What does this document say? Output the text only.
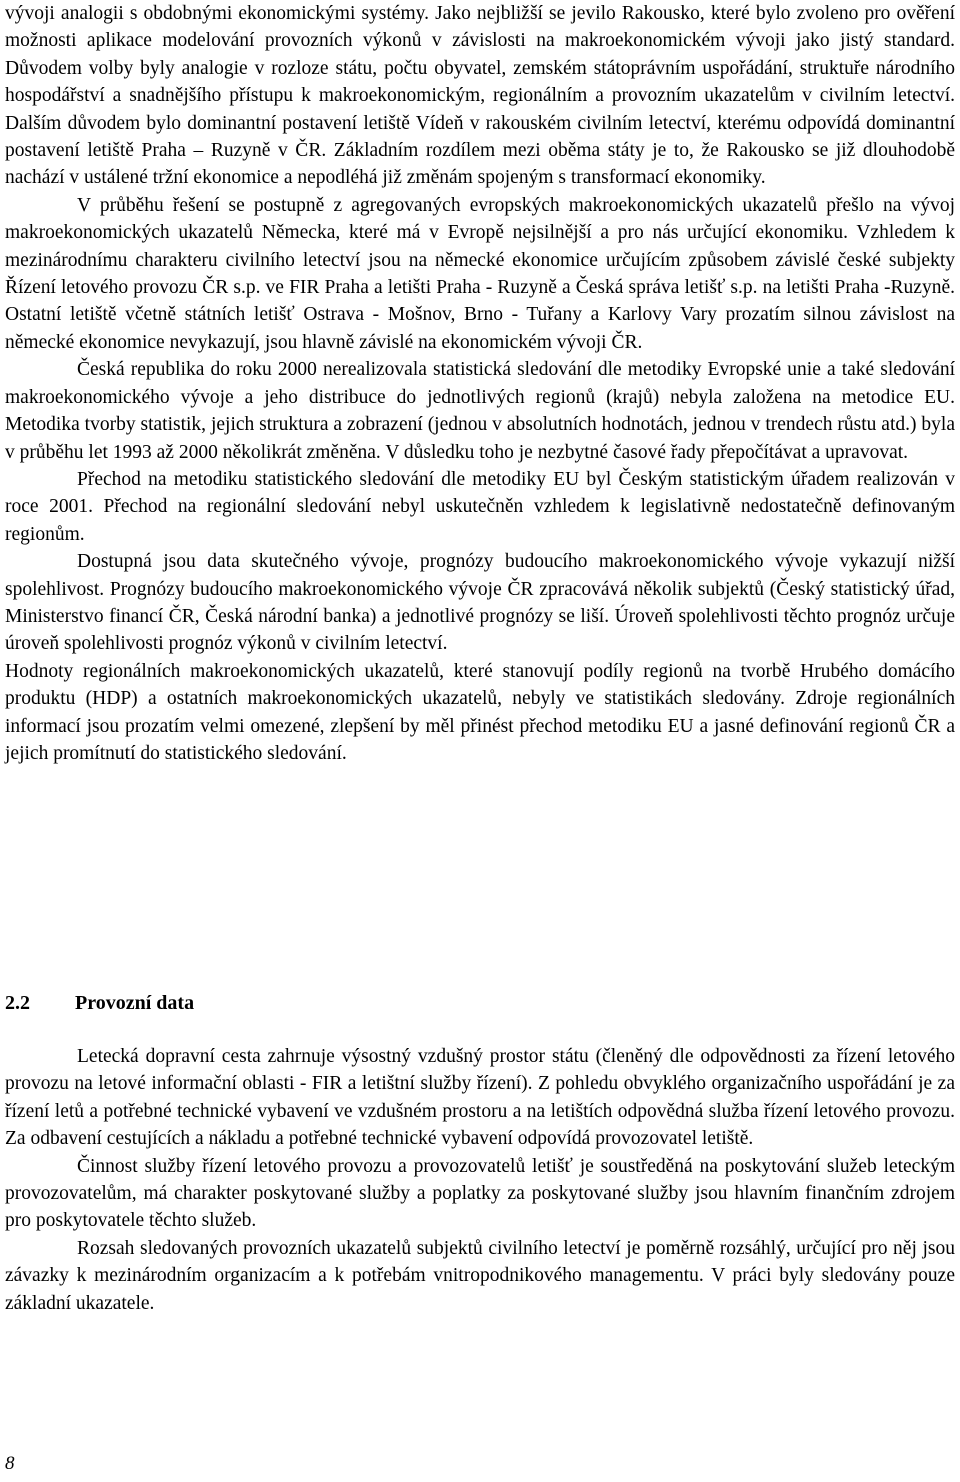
vývoji analogii s obdobnými ekonomickými systémy. Jako nejbližší se jevilo Rakousko, které bylo zvoleno pro ověření možnosti aplikace modelování provozních výkonů v závislosti na makroekonomickém vývoji jako jistý standard. Důvodem volby byly analogie v rozloze státu, počtu obyvatel, zemském státoprávním uspořádání, struktuře národního hospodářství a snadnějšího přístupu k makroekonomickým, regionálním a provozním ukazatelům v civilním letectví. Dalším důvodem bylo dominantní postavení letiště Vídeň v rakouském civilním letectví, kterému odpovídá dominantní postavení letiště Praha – Ruzyně v ČR. Základním rozdílem mezi oběma státy je to, že Rakousko se již dlouhodobě nachází v ustálené tržní ekonomice a nepodléhá již změnám spojeným s transformací ekonomiky.

V průběhu řešení se postupně z agregovaných evropských makroekonomických ukazatelů přešlo na vývoj makroekonomických ukazatelů Německa, které má v Evropě nejsilnější a pro nás určující ekonomiku. Vzhledem k mezinárodnímu charakteru civilního letectví jsou na německé ekonomice určujícím způsobem závislé české subjekty Řízení letového provozu ČR s.p. ve FIR Praha a letišti Praha - Ruzyně a Česká správa letišť s.p. na letišti Praha -Ruzyně. Ostatní letiště včetně státních letišť Ostrava - Mošnov, Brno - Tuřany a Karlovy Vary prozatím silnou závislost na německé ekonomice nevykazují, jsou hlavně závislé na ekonomickém vývoji ČR.

Česká republika do roku 2000 nerealizovala statistická sledování dle metodiky Evropské unie a také sledování makroekonomického vývoje a jeho distribuce do jednotlivých regionů (krajů) nebyla založena na metodice EU. Metodika tvorby statistik, jejich struktura a zobrazení (jednou v absolutních hodnotách, jednou v trendech růstu atd.) byla v průběhu let 1993 až 2000 několikrát změněna. V důsledku toho je nezbytné časové řady přepočítávat a upravovat.

Přechod na metodiku statistického sledování dle metodiky EU byl Českým statistickým úřadem realizován v roce 2001. Přechod na regionální sledování nebyl uskutečněn vzhledem k legislativně nedostatečně definovaným regionům.

Dostupná jsou data skutečného vývoje, prognózy budoucího makroekonomického vývoje vykazují nižší spolehlivost. Prognózy budoucího makroekonomického vývoje ČR zpracovává několik subjektů (Český statistický úřad, Ministerstvo financí ČR, Česká národní banka) a jednotlivé prognózy se liší. Úroveň spolehlivosti těchto prognóz určuje úroveň spolehlivosti prognóz výkonů v civilním letectví.

Hodnoty regionálních makroekonomických ukazatelů, které stanovují podíly regionů na tvorbě Hrubého domácího produktu (HDP) a ostatních makroekonomických ukazatelů, nebyly ve statistikách sledovány. Zdroje regionálních informací jsou prozatím velmi omezené, zlepšení by měl přinést přechod metodiku EU a jasné definování regionů ČR a jejich promítnutí do statistického sledování.

2.2 Provozní data

Letecká dopravní cesta zahrnuje výsostný vzdušný prostor státu (členěný dle odpovědnosti za řízení letového provozu na letové informační oblasti - FIR a letištní služby řízení). Z pohledu obvyklého organizačního uspořádání je za řízení letů a potřebné technické vybavení ve vzdušném prostoru a na letištích odpovědná služba řízení letového provozu. Za odbavení cestujících a nákladu a potřebné technické vybavení odpovídá provozovatel letiště.

Činnost služby řízení letového provozu a provozovatelů letišť je soustředěná na poskytování služeb leteckým provozovatelům, má charakter poskytované služby a poplatky za poskytované služby jsou hlavním finančním zdrojem pro poskytovatele těchto služeb.

Rozsah sledovaných provozních ukazatelů subjektů civilního letectví je poměrně rozsáhlý, určující pro něj jsou závazky k mezinárodním organizacím a k potřebám vnitropodnikového managementu. V práci byly sledovány pouze základní ukazatele.

8
